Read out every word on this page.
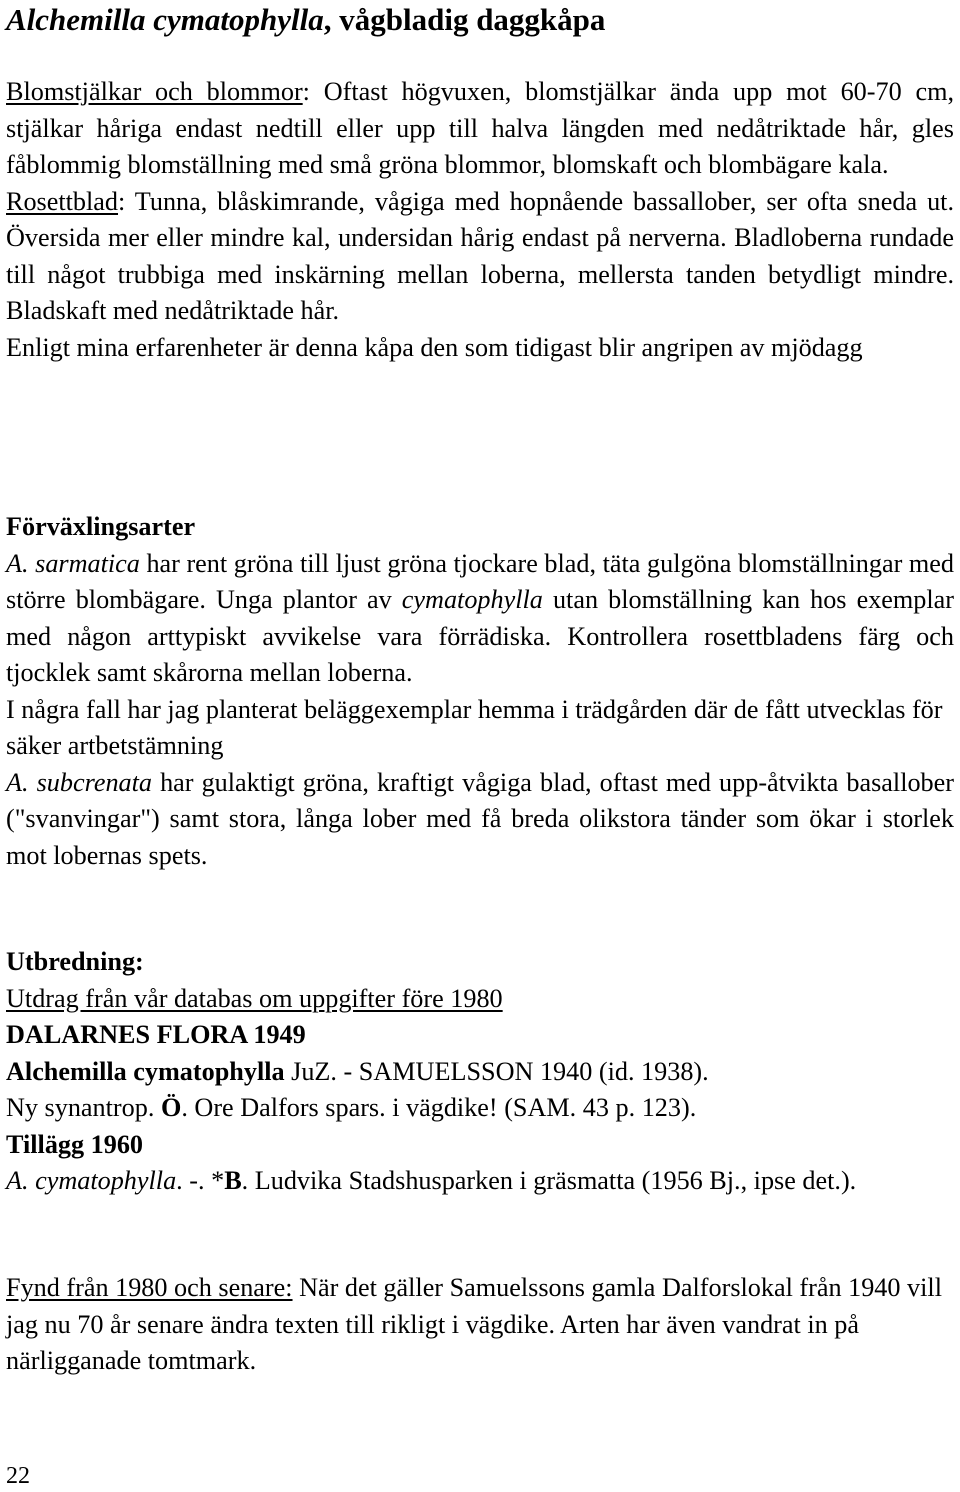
Alchemilla cymatophylla, vågbladig daggkåpa

Blomstjälkar och blommor: Oftast högvuxen, blomstjälkar ända upp mot 60-70 cm, stjälkar håriga endast nedtill eller upp till halva längden med nedåtriktade hår, gles fåblommig blomställning med små gröna blommor, blomskaft och blombägare kala.

Rosettblad: Tunna, blåskimrande, vågiga med hopnående bassallober, ser ofta sneda ut. Översida mer eller mindre kal, undersidan hårig endast på nerverna. Bladloberna rundade till något trubbiga med inskärning mellan loberna, mellersta tanden betydligt mindre. Bladskaft med nedåtriktade hår.

Enligt mina erfarenheter är denna kåpa den som tidigast blir angripen av mjödagg

Förväxlingsarter

A. sarmatica har rent gröna till ljust gröna tjockare blad, täta gulgöna blomställningar med större blombägare. Unga plantor av cymatophylla utan blomställning kan hos exemplar med någon arttypiskt avvikelse vara förrädiska. Kontrollera rosettbladens färg och tjocklek samt skårorna mellan loberna.

I några fall har jag planterat beläggexemplar hemma i trädgården där de fått utvecklas för säker artbetstämning

A. subcrenata har gulaktigt gröna, kraftigt vågiga blad, oftast med upp-åtvikta basallober ("svanvingar") samt stora, långa lober med få breda olikstora tänder som ökar i storlek mot lobernas spets.

Utbredning:

Utdrag från vår databas om uppgifter före 1980

DALARNES FLORA 1949

Alchemilla cymatophylla JuZ. - SAMUELSSON 1940 (id. 1938).

Ny synantrop. Ö. Ore Dalfors spars. i vägdike! (SAM. 43 p. 123).

Tillägg 1960

A. cymatophylla. -. *B. Ludvika Stadshusparken i gräsmatta (1956 Bj., ipse det.).

Fynd från 1980 och senare: När det gäller Samuelssons gamla Dalforslokal från 1940 vill jag nu 70 år senare ändra texten till rikligt i vägdike. Arten har även vandrat in på närligganade tomtmark.

22
